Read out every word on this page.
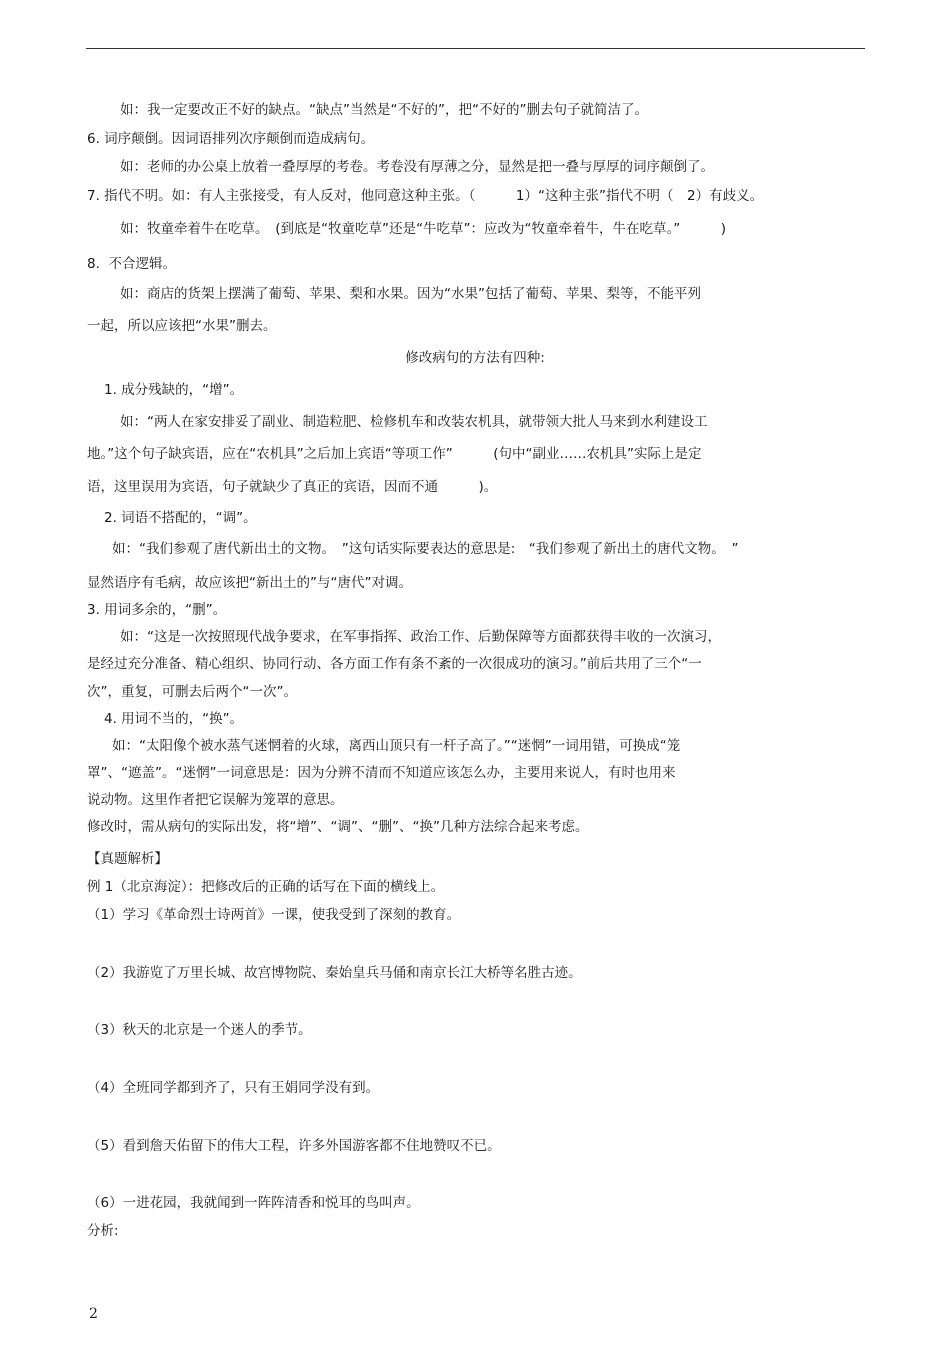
如：我一定要改正不好的缺点。“缺点”当然是“不好的”，把“不好的”删去句子就简洁了。
6. 词序颠倒。因词语排列次序颠倒而造成病句。
如：老师的办公桌上放着一叠厚厚的考卷。考卷没有厚薄之分，显然是把一叠与厚厚的词序颠倒了。
7. 指代不明。如：有人主张接受，有人反对，他同意这种主张。（　　　1）“这种主张”指代不明（　2）有歧义。
如：牧童牵着牛在吃草。　(到底是“牧童吃草”还是“牛吃草”：应改为“牧童牵着牛，牛在吃草。”　　　)
8.  不合逻辑。
如：商店的货架上摆满了葡萄、苹果、梨和水果。因为“水果”包括了葡萄、苹果、梨等，不能平列
一起，所以应该把“水果”删去。
修改病句的方法有四种:
1. 成分残缺的，“增”。
如：“两人在家安排妥了副业、制造粒肥、检修机车和改装农机具，就带领大批人马来到水利建设工
地。”这个句子缺宾语，应在“农机具”之后加上宾语“等项工作”　　　(句中“副业……农机具”实际上是定
语，这里误用为宾语，句子就缺少了真正的宾语，因而不通　　　)。
2. 词语不搭配的，“调”。
如：“我们参观了唐代新出土的文物。　”这句话实际要表达的意思是:　“我们参观了新出土的唐代文物。　”
显然语序有毛病，故应该把“新出土的”与“唐代”对调。
3. 用词多余的，“删”。
如：“这是一次按照现代战争要求，在军事指挥、政治工作、后勤保障等方面都获得丰收的一次演习，
是经过充分准备、精心组织、协同行动、各方面工作有条不紊的一次很成功的演习。”前后共用了三个“一
次”，重复，可删去后两个“一次”。
4. 用词不当的，“换”。
如：“太阳像个被水蒸气迷惘着的火球，离西山顶只有一杆子高了。”“迷惘”一词用错，可换成“笼
罩”、“遮盖”。“迷惘”一词意思是：因为分辨不清而不知道应该怎么办，主要用来说人，有时也用来
说动物。这里作者把它误解为笼罩的意思。
修改时，需从病句的实际出发，将“增”、“调”、“删”、“换”几种方法综合起来考虑。
【真题解析】
例 1（北京海淀）：把修改后的正确的话写在下面的横线上。
（1）学习《革命烈士诗两首》一课，使我受到了深刻的教育。
（2）我游览了万里长城、故宫博物院、秦始皇兵马俑和南京长江大桥等名胜古迹。
（3）秋天的北京是一个迷人的季节。
（4）全班同学都到齐了，只有王娟同学没有到。
（5）看到詹天佑留下的伟大工程，许多外国游客都不住地赞叹不已。
（6）一进花园，我就闻到一阵阵清香和悦耳的鸟叫声。
分析:
2
